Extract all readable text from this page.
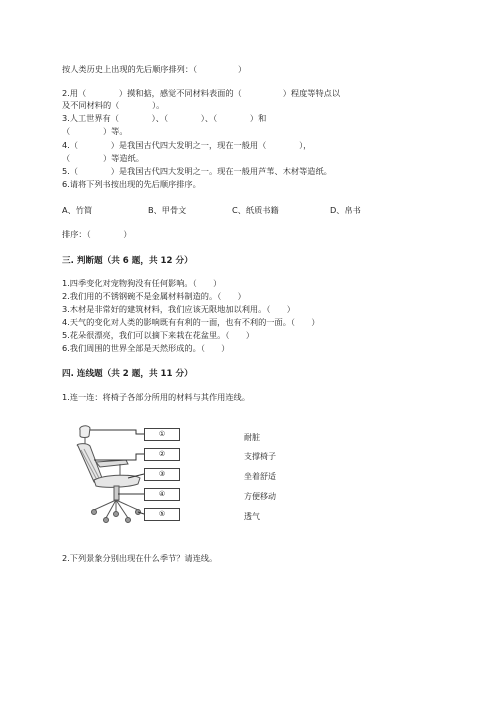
按人类历史上出现的先后顺序排列：（　　　　　）
2.用（　　　　）摸和掂，感觉不同材料表面的（　　　　　）程度等特点以
及不同材料的（　　　　）。
3.人工世界有（　　　　）、（　　　　）、（　　　　）和
（　　　　）等。
4.（　　　　）是我国古代四大发明之一，现在一般用（　　　　），
（　　　　）等造纸。
5.（　　　　）是我国古代四大发明之一。现在一般用芦苇、木材等造纸。
6.请将下列书按出现的先后顺序排序。
A、竹简	B、甲骨文	C、纸质书籍	D、帛书
排序：（　　　　）
三. 判断题（共 6 题，共 12 分）
1.四季变化对宠物狗没有任何影响。（　　）
2.我们用的不锈钢碗不是金属材料制造的。（　　）
3.木材是非常好的建筑材料，我们应该无限地加以利用。（　　）
4.天气的变化对人类的影响既有有利的一面，也有不利的一面。（　　）
5.花朵很漂亮，我们可以摘下来栽在花盆里。（　　）
6.我们周围的世界全部是天然形成的。（　　）
四. 连线题（共 2 题，共 11 分）
1.连一连：将椅子各部分所用的材料与其作用连线。
①
②
③
④
⑤
耐脏
支撑椅子
坐着舒适
方便移动
透气
2.下列景象分别出现在什么季节？请连线。
